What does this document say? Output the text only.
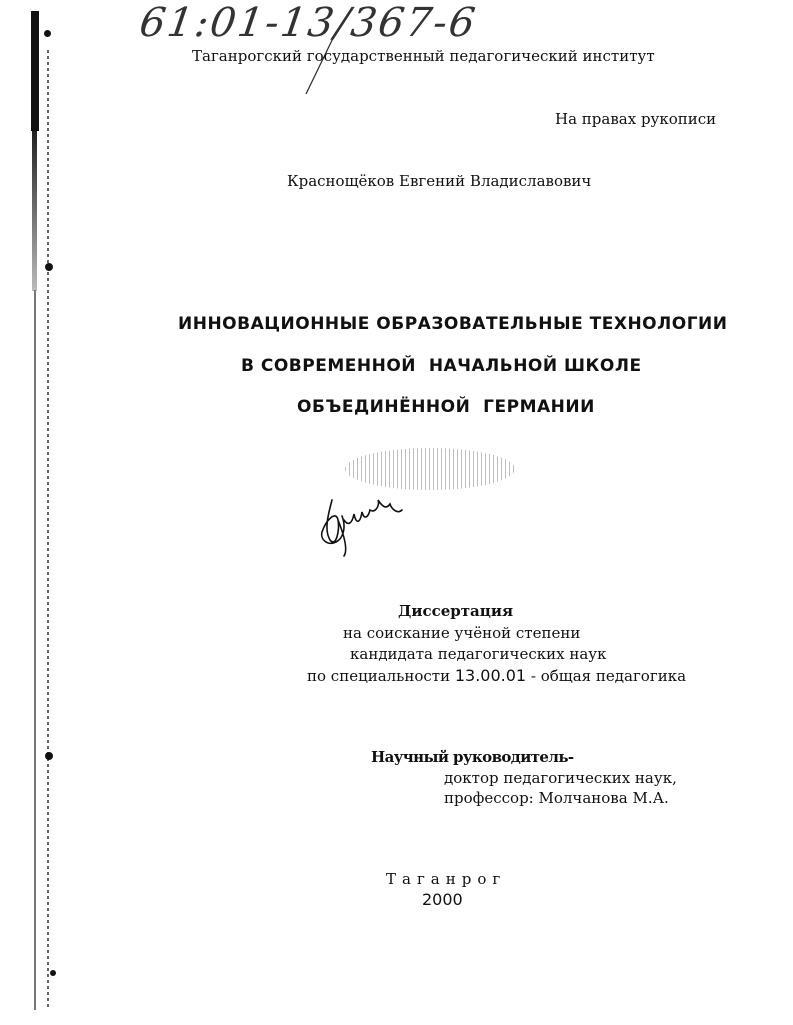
61:01-13/367-6
Таганрогский государственный педагогический институт
На правах рукописи
Краснощёков Евгений Владиславович
ИННОВАЦИОННЫЕ ОБРАЗОВАТЕЛЬНЫЕ ТЕХНОЛОГИИ
В СОВРЕМЕННОЙ  НАЧАЛЬНОЙ ШКОЛЕ
ОБЪЕДИНЁННОЙ  ГЕРМАНИИ
Диссертация
на соискание учёной степени
кандидата педагогических наук
по специальности 13.00.01 - общая педагогика
Научный руководитель-
доктор педагогических наук,
профессор: Молчанова М.А.
Таганрог
2000
